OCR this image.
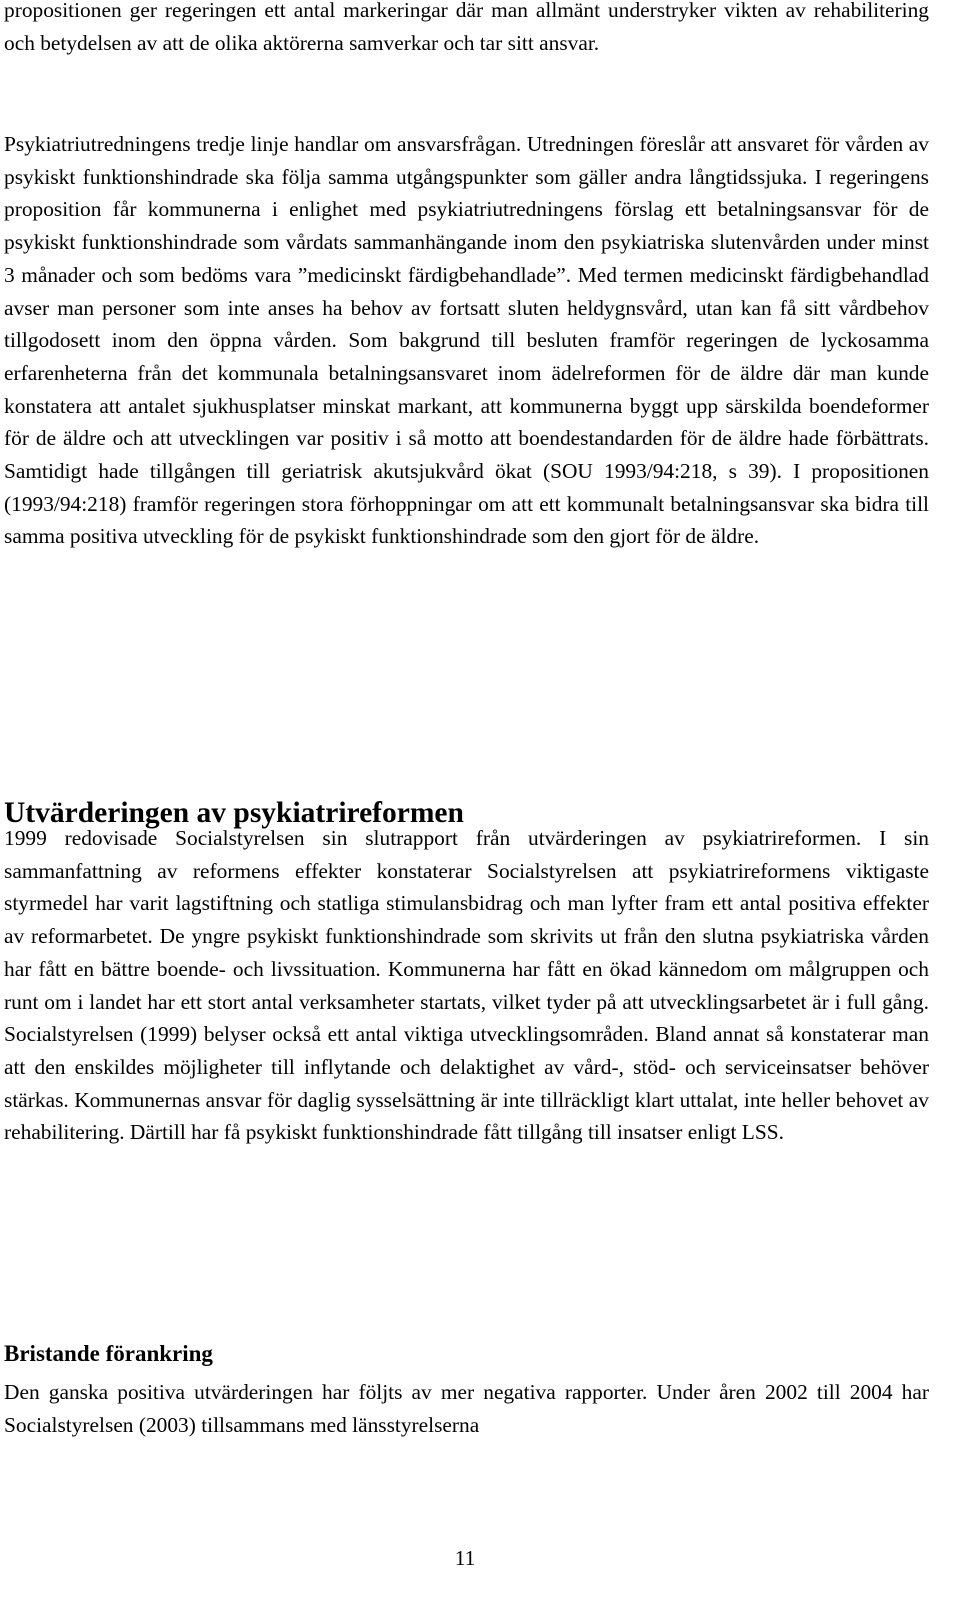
propositionen ger regeringen ett antal markeringar där man allmänt understryker vikten av rehabilitering och betydelsen av att de olika aktörerna samverkar och tar sitt ansvar.

Psykiatriutredningens tredje linje handlar om ansvarsfrågan. Utredningen föreslår att ansvaret för vården av psykiskt funktionshindrade ska följa samma utgångspunkter som gäller andra långtidssjuka. I regeringens proposition får kommunerna i enlighet med psykiatriutredningens förslag ett betalningsansvar för de psykiskt funktionshindrade som vårdats sammanhängande inom den psykiatriska slutenvården under minst 3 månader och som bedöms vara ”medicinskt färdigbehandlade”. Med termen medicinskt färdigbehandlad avser man personer som inte anses ha behov av fortsatt sluten heldygnsvård, utan kan få sitt vårdbehov tillgodosett inom den öppna vården. Som bakgrund till besluten framför regeringen de lyckosamma erfarenheterna från det kommunala betalningsansvaret inom ädelreformen för de äldre där man kunde konstatera att antalet sjukhusplatser minskat markant, att kommunerna byggt upp särskilda boendeformer för de äldre och att utvecklingen var positiv i så motto att boendestandarden för de äldre hade förbättrats. Samtidigt hade tillgången till geriatrisk akutsjukvård ökat (SOU 1993/94:218, s 39). I propositionen (1993/94:218) framför regeringen stora förhoppningar om att ett kommunalt betalningsansvar ska bidra till samma positiva utveckling för de psykiskt funktionshindrade som den gjort för de äldre.

Utvärderingen av psykiatrireformen

1999 redovisade Socialstyrelsen sin slutrapport från utvärderingen av psykiatrireformen. I sin sammanfattning av reformens effekter konstaterar Socialstyrelsen att psykiatrireformens viktigaste styrmedel har varit lagstiftning och statliga stimulansbidrag och man lyfter fram ett antal positiva effekter av reformarbetet. De yngre psykiskt funktionshindrade som skrivits ut från den slutna psykiatriska vården har fått en bättre boende- och livssituation. Kommunerna har fått en ökad kännedom om målgruppen och runt om i landet har ett stort antal verksamheter startats, vilket tyder på att utvecklingsarbetet är i full gång. Socialstyrelsen (1999) belyser också ett antal viktiga utvecklingsområden. Bland annat så konstaterar man att den enskildes möjligheter till inflytande och delaktighet av vård-, stöd- och serviceinsatser behöver stärkas. Kommunernas ansvar för daglig sysselsättning är inte tillräckligt klart uttalat, inte heller behovet av rehabilitering. Därtill har få psykiskt funktionshindrade fått tillgång till insatser enligt LSS.

Bristande förankring

Den ganska positiva utvärderingen har följts av mer negativa rapporter. Under åren 2002 till 2004 har Socialstyrelsen (2003) tillsammans med länsstyrelserna

11
